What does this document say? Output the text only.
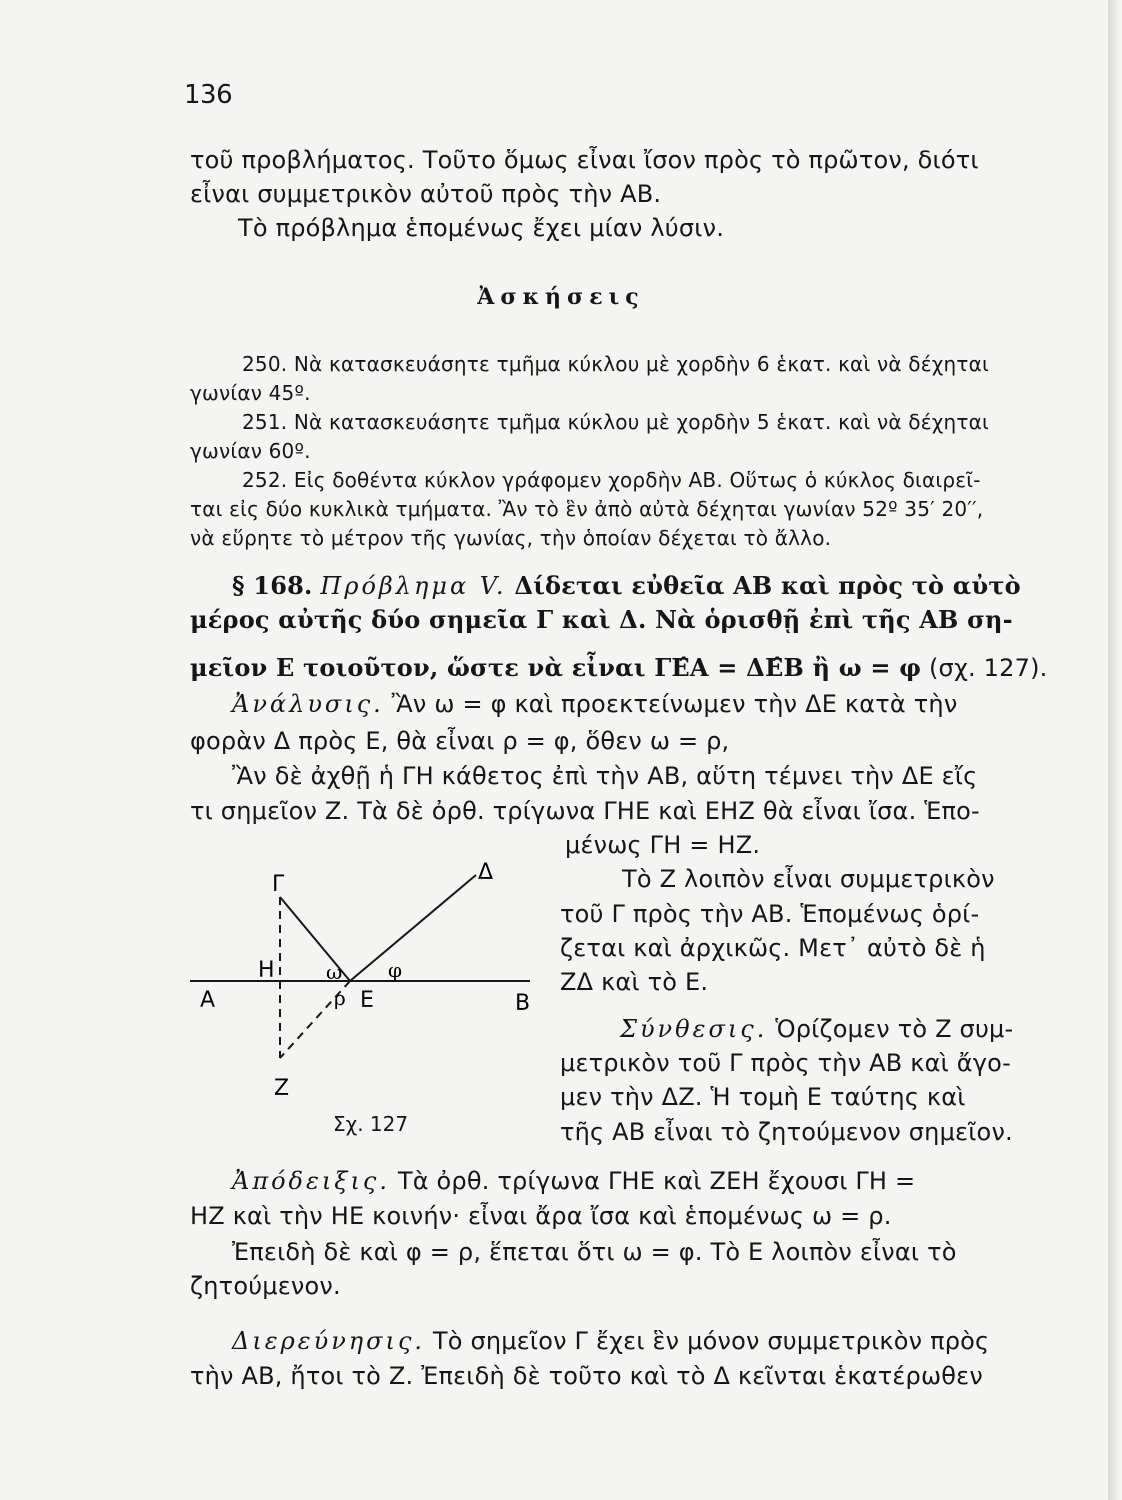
136
τοῦ προβλήματος. Τοῦτο ὅμως εἶναι ἴσον πρὸς τὸ πρῶτον, διότι
εἶναι συμμετρικὸν αὐτοῦ πρὸς τὴν ΑΒ.
Τὸ πρόβλημα ἑπομένως ἔχει μίαν λύσιν.
Ἀσκήσεις
250. Νὰ κατασκευάσητε τμῆμα κύκλου μὲ χορδὴν 6 ἑκατ. καὶ νὰ δέχηται
γωνίαν 45º.
251. Νὰ κατασκευάσητε τμῆμα κύκλου μὲ χορδὴν 5 ἑκατ. καὶ νὰ δέχηται
γωνίαν 60º.
252. Εἰς δοθέντα κύκλον γράφομεν χορδὴν ΑΒ. Οὕτως ὁ κύκλος διαιρεῖ-
ται εἰς δύο κυκλικὰ τμήματα. Ἂν τὸ ἓν ἀπὸ αὐτὰ δέχηται γωνίαν 52º 35′ 20′′,
νὰ εὕρητε τὸ μέτρον τῆς γωνίας, τὴν ὁποίαν δέχεται τὸ ἄλλο.
§ 168. Πρόβλημα V. Δίδεται εὐθεῖα ΑΒ καὶ πρὸς τὸ αὐτὸ
μέρος αὐτῆς δύο σημεῖα Γ καὶ Δ. Νὰ ὁρισθῇ ἐπὶ τῆς ΑΒ ση-
μεῖον Ε τοιοῦτον, ὥστε νὰ εἶναι ΓΕ̂Α = ΔΕ̂Β ἢ ω = φ (σχ. 127).
Ἀνάλυσις. Ἂν ω = φ καὶ προεκτείνωμεν τὴν ΔΕ κατὰ τὴν
φορὰν Δ πρὸς Ε, θὰ εἶναι ρ = φ, ὅθεν ω = ρ,
Ἂν δὲ ἀχθῇ ἡ ΓΗ κάθετος ἐπὶ τὴν ΑΒ, αὕτη τέμνει τὴν ΔΕ εἴς
τι σημεῖον Ζ. Τὰ δὲ ὀρθ. τρίγωνα ΓΗΕ καὶ ΕΗΖ θὰ εἶναι ἴσα. Ἑπο-
μένως ΓΗ = ΗΖ.
Τὸ Ζ λοιπὸν εἶναι συμμετρικὸν
τοῦ Γ πρὸς τὴν ΑΒ. Ἑπομένως ὁρί-
ζεται καὶ ἀρχικῶς. Μετ᾿ αὐτὸ δὲ ἡ
ΖΔ καὶ τὸ Ε.
Σύνθεσις. Ὁρίζομεν τὸ Ζ συμ-
μετρικὸν τοῦ Γ πρὸς τὴν ΑΒ καὶ ἄγο-
μεν τὴν ΔΖ. Ἡ τομὴ Ε ταύτης καὶ
τῆς ΑΒ εἶναι τὸ ζητούμενον σημεῖον.
Γ	Δ
Η
Α	Ε	Β
Ζ
ω φ
ρ
Σχ. 127
Ἀπόδειξις. Τὰ ὀρθ. τρίγωνα ΓΗΕ καὶ ΖΕΗ ἔχουσι ΓΗ =
ΗΖ καὶ τὴν ΗΕ κοινήν· εἶναι ἄρα ἴσα καὶ ἑπομένως ω = ρ.
Ἐπειδὴ δὲ καὶ φ = ρ, ἕπεται ὅτι ω = φ. Τὸ Ε λοιπὸν εἶναι τὸ
ζητούμενον.
Διερεύνησις. Τὸ σημεῖον Γ ἔχει ἓν μόνον συμμετρικὸν πρὸς
τὴν ΑΒ, ἤτοι τὸ Ζ. Ἐπειδὴ δὲ τοῦτο καὶ τὸ Δ κεῖνται ἑκατέρωθεν
